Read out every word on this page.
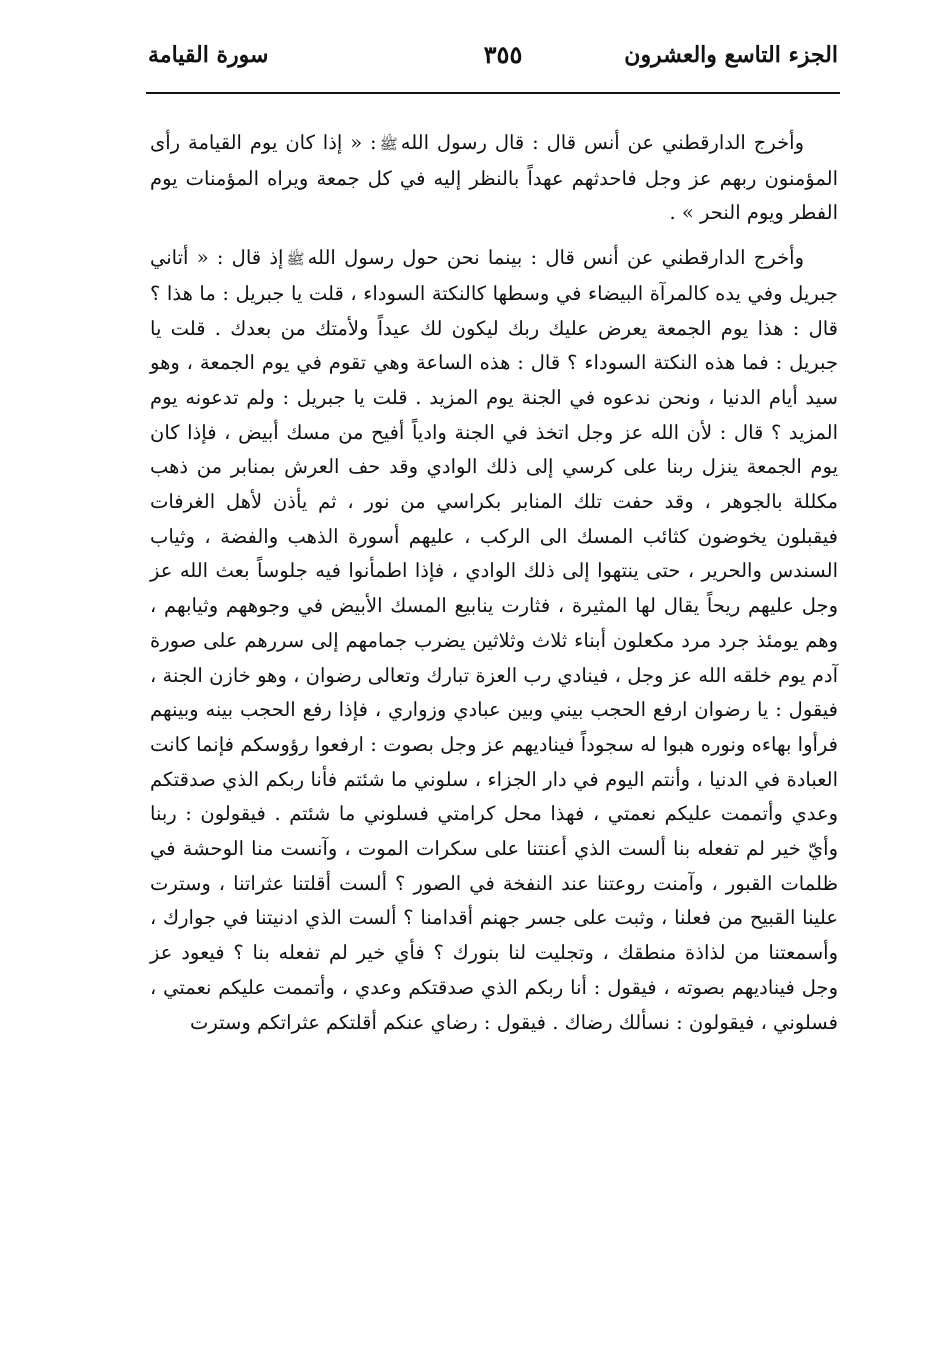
الجزء التاسع والعشرون
٣٥٥
سورة القيامة

وأخرج الدارقطني عن أنس قال : قال رسول اللهﷺ: « إذا كان يوم القيامة رأى المؤمنون ربهم عز وجل فاحدثهم عهداً بالنظر إليه في كل جمعة ويراه المؤمنات يوم الفطر ويوم النحر » .

وأخرج الدارقطني عن أنس قال : بينما نحن حول رسول اللهﷺإذ قال : « أتاني جبريل وفي يده كالمرآة البيضاء في وسطها كالنكتة السوداء ، قلت يا جبريل : ما هذا ؟ قال : هذا يوم الجمعة يعرض عليك ربك ليكون لك عيداً ولأمتك من بعدك . قلت يا جبريل : فما هذه النكتة السوداء ؟ قال : هذه الساعة وهي تقوم في يوم الجمعة ، وهو سيد أيام الدنيا ، ونحن ندعوه في الجنة يوم المزيد . قلت يا جبريل : ولم تدعونه يوم المزيد ؟ قال : لأن الله عز وجل اتخذ في الجنة وادياً أفيح من مسك أبيض ، فإذا كان يوم الجمعة ينزل ربنا على كرسي إلى ذلك الوادي وقد حف العرش بمنابر من ذهب مكللة بالجوهر ، وقد حفت تلك المنابر بكراسي من نور ، ثم يأذن لأهل الغرفات فيقبلون يخوضون كثائب المسك الى الركب ، عليهم أسورة الذهب والفضة ، وثياب السندس والحرير ، حتى ينتهوا إلى ذلك الوادي ، فإذا اطمأنوا فيه جلوساً بعث الله عز وجل عليهم ريحاً يقال لها المثيرة ، فثارت ينابيع المسك الأبيض في وجوههم وثيابهم ، وهم يومئذ جرد مرد مكعلون أبناء ثلاث وثلاثين يضرب جمامهم إلى سررهم على صورة آدم يوم خلقه الله عز وجل ، فينادي رب العزة تبارك وتعالى رضوان ، وهو خازن الجنة ، فيقول : يا رضوان ارفع الحجب بيني وبين عبادي وزواري ، فإذا رفع الحجب بينه وبينهم فرأوا بهاءه ونوره هبوا له سجوداً فيناديهم عز وجل بصوت : ارفعوا رؤوسكم فإنما كانت العبادة في الدنيا ، وأنتم اليوم في دار الجزاء ، سلوني ما شئتم فأنا ربكم الذي صدقتكم وعدي وأتممت عليكم نعمتي ، فهذا محل كرامتي فسلوني ما شئتم . فيقولون : ربنا وأيّ خير لم تفعله بنا ألست الذي أعنتنا على سكرات الموت ، وآنست منا الوحشة في ظلمات القبور ، وآمنت روعتنا عند النفخة في الصور ؟ ألست أقلتنا عثراتنا ، وسترت علينا القبيح من فعلنا ، وثبت على جسر جهنم أقدامنا ؟ ألست الذي ادنيتنا في جوارك ، وأسمعتنا من لذاذة منطقك ، وتجليت لنا بنورك ؟ فأي خير لم تفعله بنا ؟ فيعود عز وجل فيناديهم بصوته ، فيقول : أنا ربكم الذي صدقتكم وعدي ، وأتممت عليكم نعمتي ، فسلوني ، فيقولون : نسألك رضاك . فيقول : رضاي عنكم أقلتكم عثراتكم وسترت
